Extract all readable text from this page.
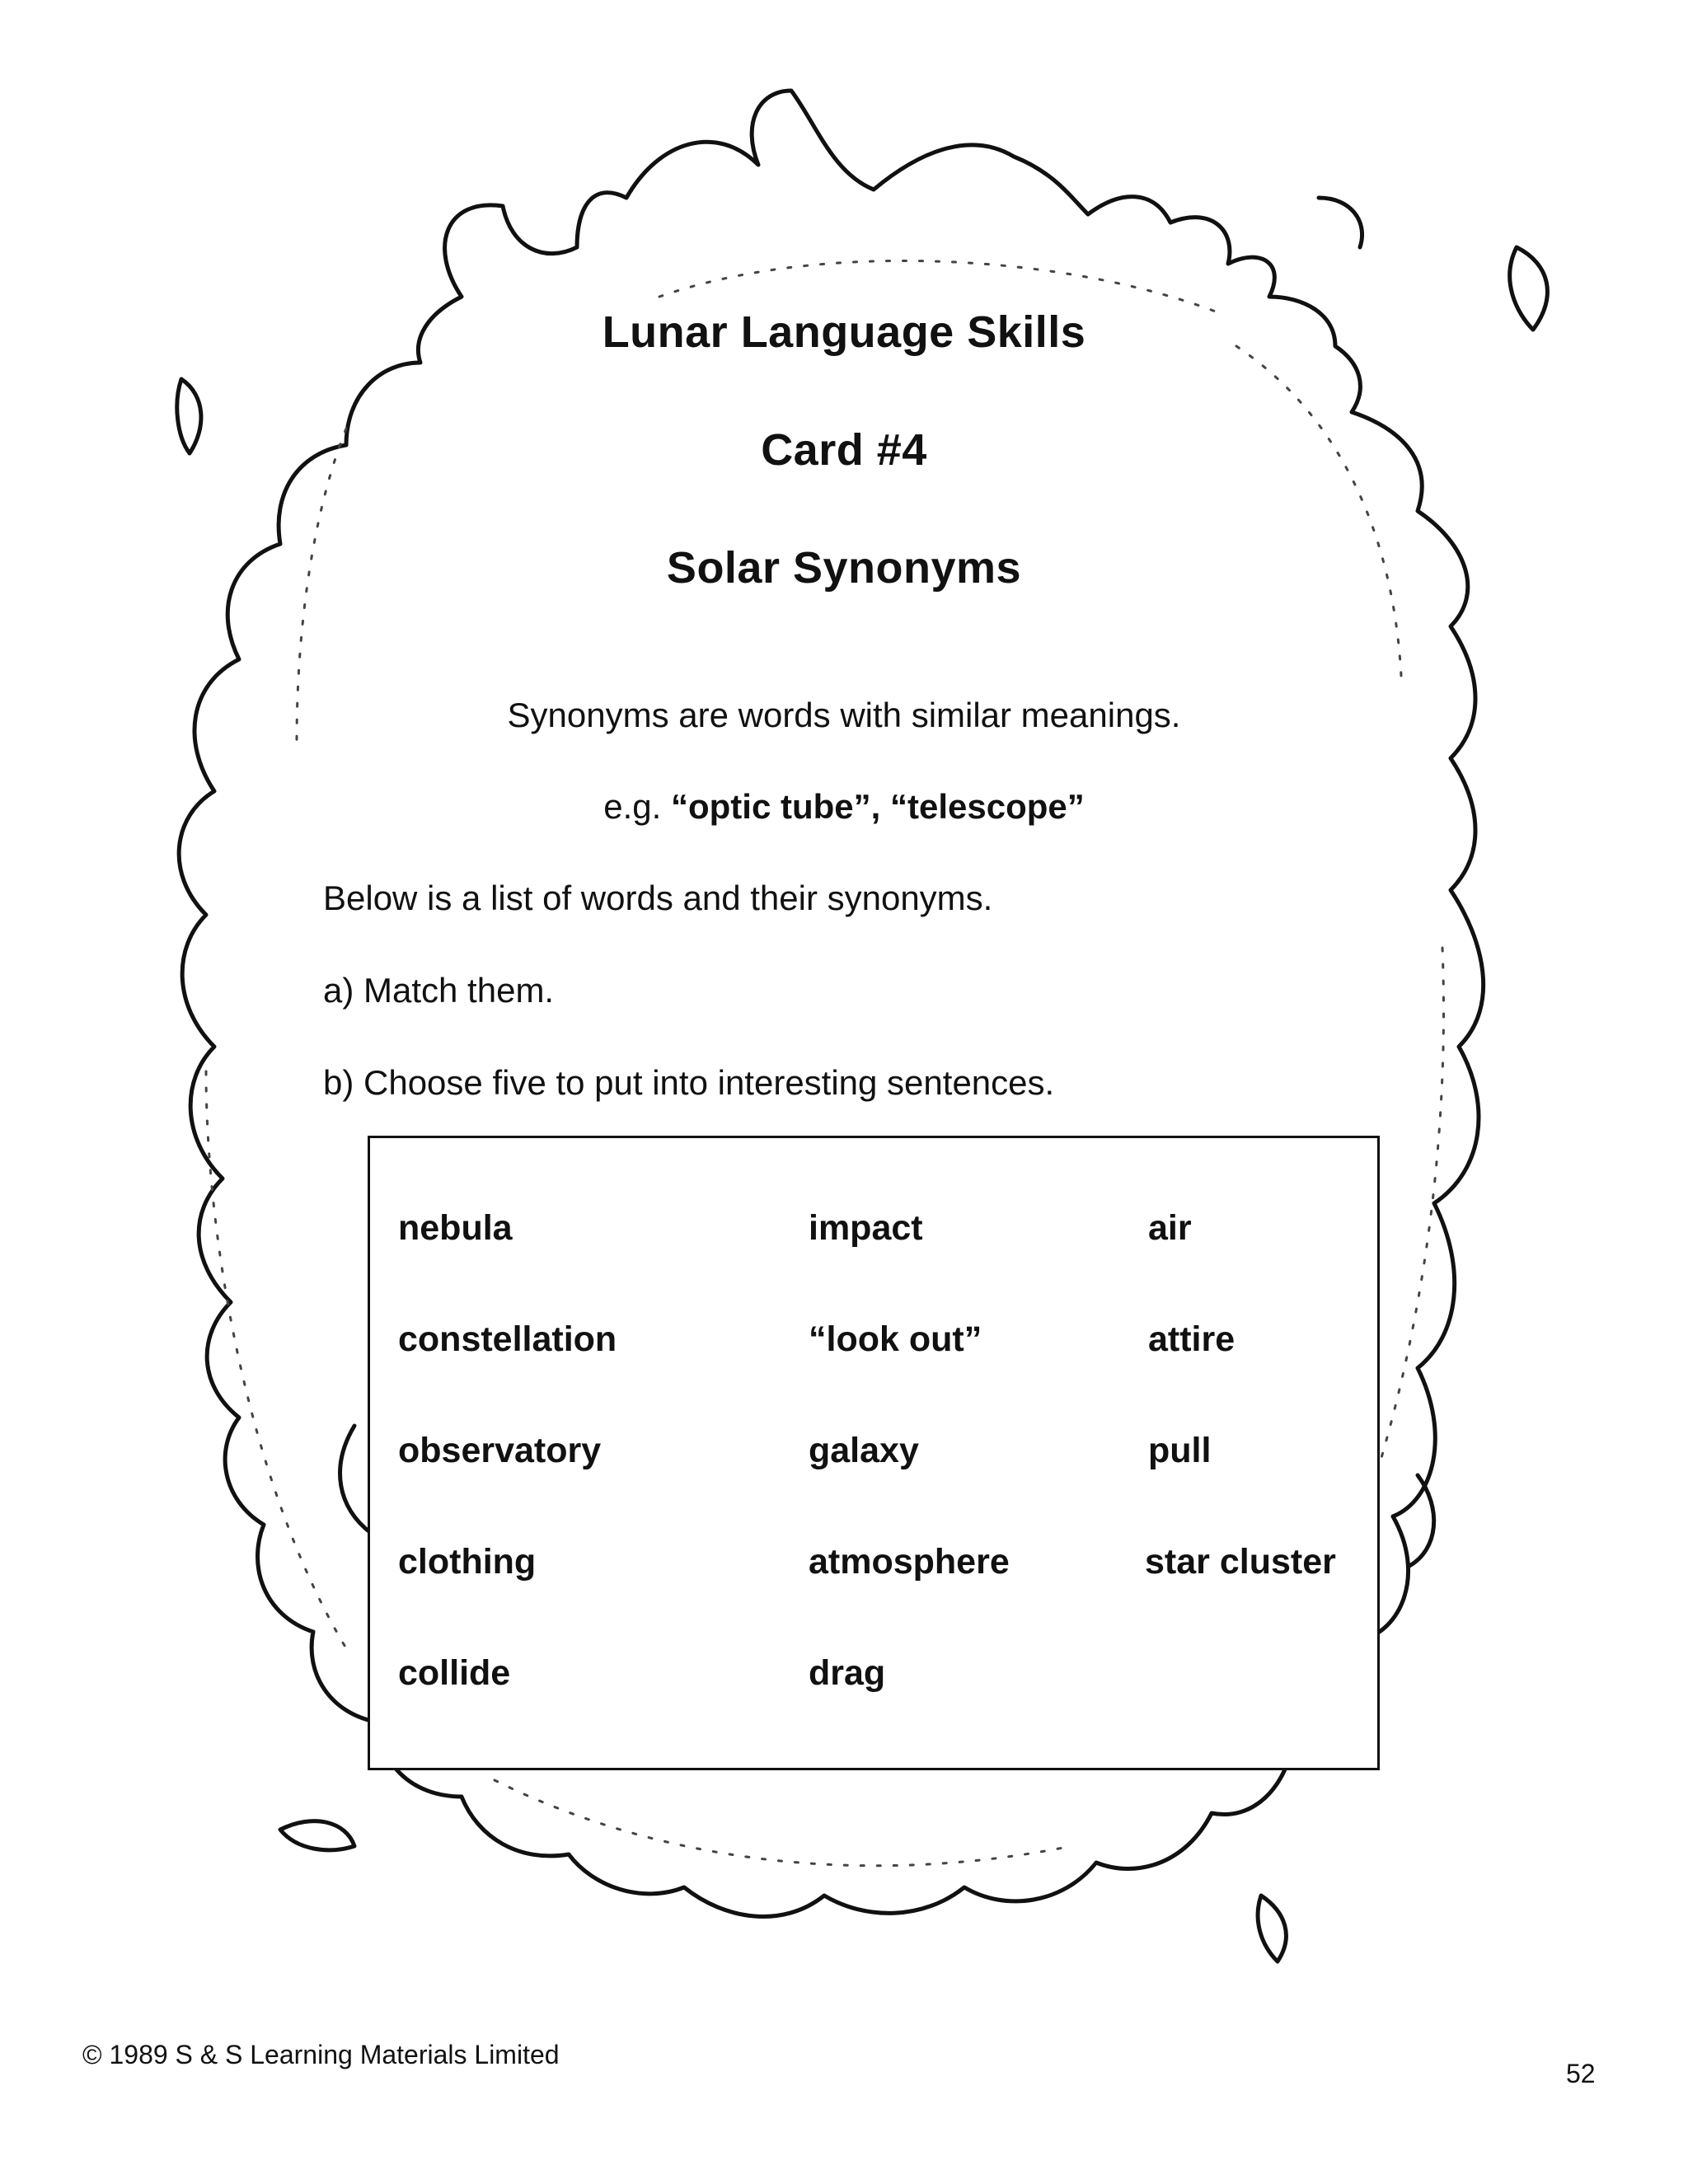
Lunar Language Skills
Card #4
Solar Synonyms
Synonyms are words with similar meanings.
e.g. “optic tube”, “telescope”
Below is a list of words and their synonyms.
a) Match them.
b) Choose five to put into interesting sentences.
nebula
constellation
observatory
clothing
collide
impact
“look out”
galaxy
atmosphere
drag
air
attire
pull
star cluster
© 1989 S & S Learning Materials Limited
52
